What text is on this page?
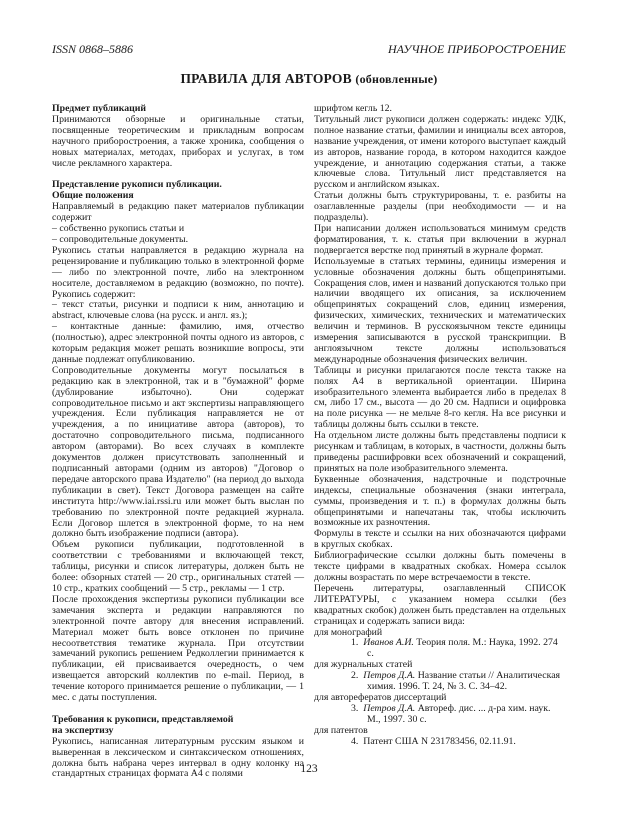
ISSN 0868–5886	НАУЧНОЕ ПРИБОРОСТРОЕНИЕ
ПРАВИЛА ДЛЯ АВТОРОВ (обновленные)
Предмет публикаций
Принимаются обзорные и оригинальные статьи, посвященные теоретическим и прикладным вопросам научного приборостроения, а также хроника, сообщения о новых материалах, методах, приборах и услугах, в том числе рекламного характера.
Представление рукописи публикации.
Общие положения
Направляемый в редакцию пакет материалов публикации содержит
– собственно рукопись статьи и
– сопроводительные документы.
Рукопись статьи направляется в редакцию журнала на рецензирование и публикацию только в электронной форме — либо по электронной почте, либо на электронном носителе, доставляемом в редакцию (возможно, по почте). Рукопись содержит:
– текст статьи, рисунки и подписи к ним, аннотацию и abstract, ключевые слова (на русск. и англ. яз.);
– контактные данные: фамилию, имя, отчество (полностью), адрес электронной почты одного из авторов, с которым редакция может решать возникшие вопросы, эти данные подлежат опубликованию.
Сопроводительные документы могут посылаться в редакцию как в электронной, так и в "бумажной" форме (дублирование избыточно). Они содержат сопроводительное письмо и акт экспертизы направляющего учреждения. Если публикация направляется не от учреждения, а по инициативе автора (авторов), то достаточно сопроводительного письма, подписанного автором (авторами). Во всех случаях в комплекте документов должен присутствовать заполненный и подписанный авторами (одним из авторов) "Договор о передаче авторского права Издателю" (на период до выхода публикации в свет). Текст Договора размещен на сайте института http://www.iai.rssi.ru или может быть выслан по требованию по электронной почте редакцией журнала. Если Договор шлется в электронной форме, то на нем должно быть изображение подписи (автора).
Объем рукописи публикации, подготовленной в соответствии с требованиями и включающей текст, таблицы, рисунки и список литературы, должен быть не более: обзорных статей — 20 стр., оригинальных статей — 10 стр., кратких сообщений — 5 стр., рекламы — 1 стр.
После прохождения экспертизы рукописи публикации все замечания эксперта и редакции направляются по электронной почте автору для внесения исправлений. Материал может быть вовсе отклонен по причине несоответствия тематике журнала. При отсутствии замечаний рукопись решением Редколлегии принимается к публикации, ей присваивается очередность, о чем извещается авторский коллектив по e-mail. Период, в течение которого принимается решение о публикации, — 1 мес. с даты поступления.
Требования к рукописи, представляемой
на экспертизу
Рукопись, написанная литературным русским языком и выверенная в лексическом и синтаксическом отношениях, должна быть набрана через интервал в одну колонку на стандартных страницах формата А4 с полями
шрифтом кегль 12.
Титульный лист рукописи должен содержать: индекс УДК, полное название статьи, фамилии и инициалы всех авторов, название учреждения, от имени которого выступает каждый из авторов, название города, в котором находится каждое учреждение, и аннотацию содержания статьи, а также ключевые слова. Титульный лист представляется на русском и английском языках.
Статьи должны быть структурированы, т. е. разбиты на озаглавленные разделы (при необходимости — и на подразделы).
При написании должен использоваться минимум средств форматирования, т. к. статья при включении в журнал подвергается верстке под принятый в журнале формат.
Используемые в статьях термины, единицы измерения и условные обозначения должны быть общепринятыми. Сокращения слов, имен и названий допускаются только при наличии вводящего их описания, за исключением общепринятых сокращений слов, единиц измерения, физических, химических, технических и математических величин и терминов. В русскоязычном тексте единицы измерения записываются в русской транскрипции. В англоязычном тексте должны использоваться международные обозначения физических величин.
Таблицы и рисунки прилагаются после текста также на полях А4 в вертикальной ориентации. Ширина изобразительного элемента выбирается либо в пределах 8 см, либо 17 см., высота — до 20 см. Надписи и оцифровка на поле рисунка — не мельче 8-го кегля. На все рисунки и таблицы должны быть ссылки в тексте.
На отдельном листе должны быть представлены подписи к рисункам и таблицам, в которых, в частности, должны быть приведены расшифровки всех обозначений и сокращений, принятых на поле изобразительного элемента.
Буквенные обозначения, надстрочные и подстрочные индексы, специальные обозначения (знаки интеграла, суммы, произведения и т. п.) в формулах должны быть общепринятыми и напечатаны так, чтобы исключить возможные их разночтения.
Формулы в тексте и ссылки на них обозначаются цифрами в круглых скобках.
Библиографические ссылки должны быть помечены в тексте цифрами в квадратных скобках. Номера ссылок должны возрастать по мере встречаемости в тексте.
Перечень литературы, озаглавленный СПИСОК ЛИТЕРАТУРЫ, с указанием номера ссылки (без квадратных скобок) должен быть представлен на отдельных страницах и содержать записи вида:
для монографий
1. Иванов А.И. Теория поля. М.: Наука, 1992. 274 с.
для журнальных статей
2. Петров Д.А. Название статьи // Аналитическая химия. 1996. Т. 24, № 3. С. 34–42.
для авторефератов диссертаций
3. Петров Д.А. Автореф. дис. ... д-ра хим. наук. М., 1997. 30 с.
для патентов
4. Патент США N 231783456, 02.11.91.
123
